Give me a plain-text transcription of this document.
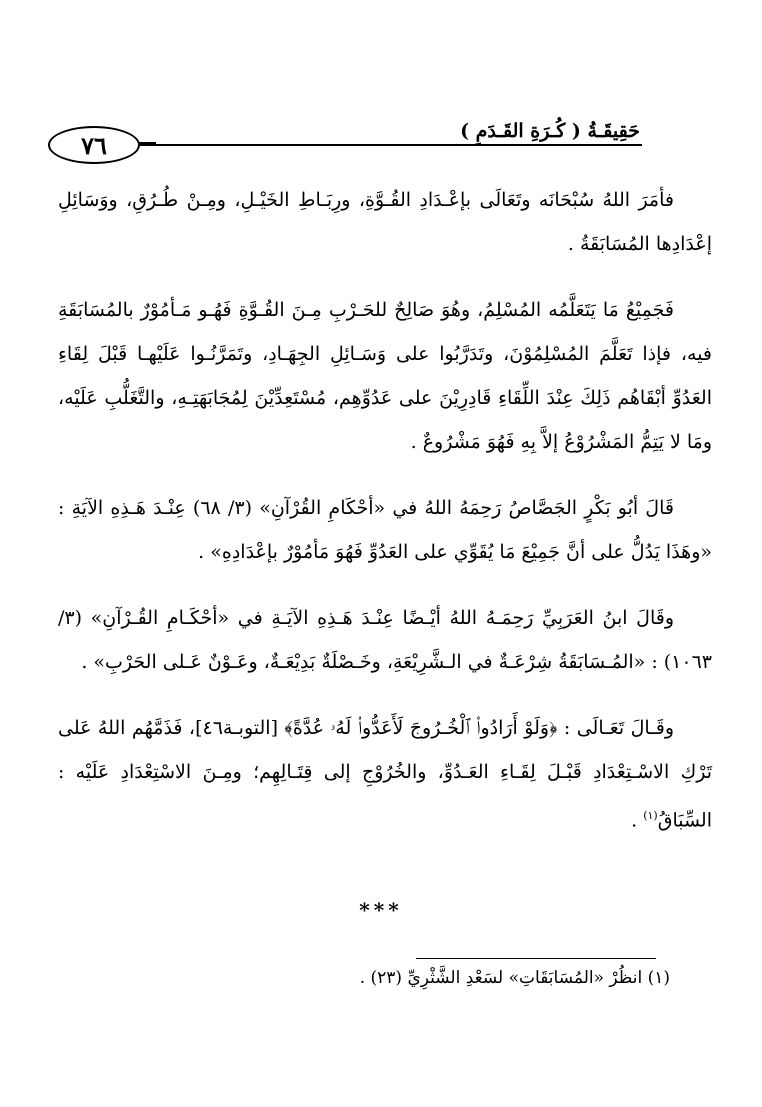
٧٦	حَقِيقَـةُ ( كُـرَةِ القَـدَمِ )

فأمَرَ اللهُ سُبْحَانَه وتَعَالَى بإعْـدَادِ القُـوَّةِ، ورِبَـاطِ الخَيْـلِ، ومِـنْ طُـرُقِ، ووَسَائِلِ إعْدَادِها المُسَابَقَةُ .

فَجَمِيْعُ مَا يَتَعَلَّمُه المُسْلِمُ، وهُوَ صَالِحٌ للحَـرْبِ مِـنَ القُـوَّةِ فَهُـو مَـأمُوْرٌ بالمُسَابَقَةِ فيه، فإذا تَعَلَّمَ المُسْلِمُوْنَ، وتَدَرَّبُوا على وَسَـائِلِ الجِهَـادِ، وتَمَرَّنُـوا عَلَيْهـا قَبْلَ لِقَاءِ العَدُوِّ أبْقَاهُم ذَلِكَ عِنْدَ اللِّقَاءِ قَادِرِيْنَ على عَدُوِّهِم، مُسْتَعِدِّيْنَ لِمُجَابَهَتِـهِ، والتَّغَلُّبِ عَلَيْه، ومَا لا يَتِمُّ المَشْرُوْعُ إلاَّ بِهِ فَهُوَ مَشْرُوعٌ .

قَالَ أبُو بَكْرٍ الجَصَّاصُ رَحِمَهُ اللهُ في «أحْكَامِ القُرْآنِ» (٣/ ٦٨) عِنْـدَ هَـذِهِ الآيَةِ : «وهَذَا يَدُلُّ على أنَّ جَمِيْعَ مَا يُقَوِّي على العَدُوِّ فَهُوَ مَأمُوْرٌ بإعْدَادِهِ» .

وقَالَ ابنُ العَرَبِيِّ رَحِمَـهُ اللهُ أيْـضًا عِنْـدَ هَـذِهِ الآيَـةِ في «أحْكَـامِ القُـرْآنِ» (٣/ ١٠٦٣) : «المُـسَابَقَةُ شِرْعَـةٌ في الـشَّرِيْعَةِ، وخَـصْلَةٌ بَدِيْعَـةٌ، وعَـوْنٌ عَـلى الحَرْبِ» .

وقَـالَ تَعَـالَى : ﴿وَلَوْ أَرَادُوا۟ ٱلْخُـرُوجَ لَأَعَدُّوا۟ لَهُۥ عُدَّةً﴾ [التوبـة٤٦]، فَذَمَّهُم اللهُ عَلى تَرْكِ الاسْـتِعْدَادِ قَبْـلَ لِقَـاءِ العَـدُوِّ، والخُرُوْجِ إلى قِتَـالِهِم؛ ومِـنَ الاسْتِعْدَادِ عَلَيْه : السِّبَاقُ$^{(١)}$ .

***
(١) انظُرْ «المُسَابَقَاتِ» لسَعْدِ الشَّثْرِيِّ (٢٣) .
